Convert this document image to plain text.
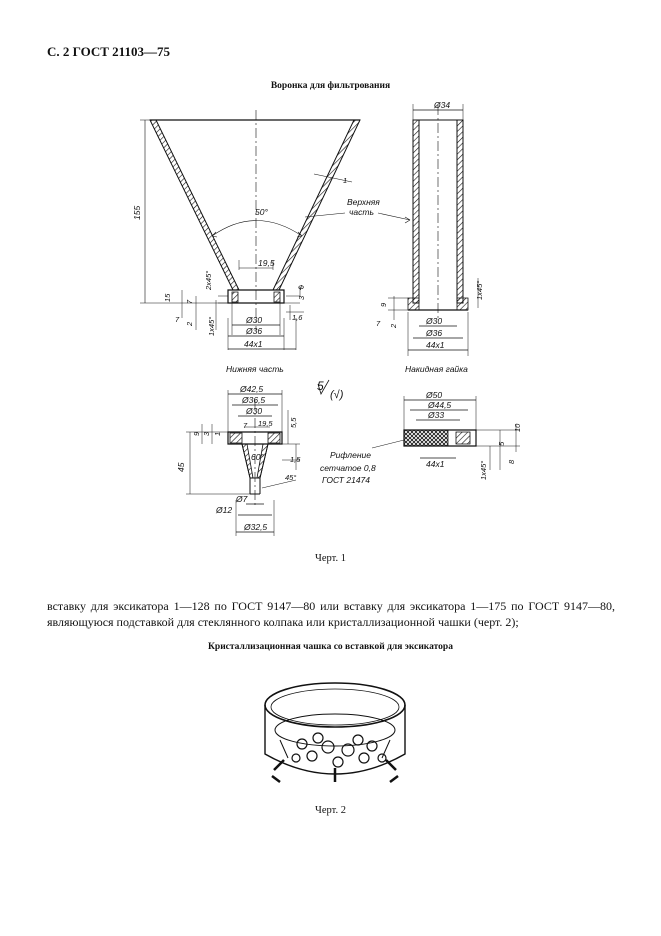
С. 2 ГОСТ 21103—75
Воронка для фильтрования
Ø34
50°
19,5
155
Верхняя
часть
1
2х45°
15 7
2 1х45°
7
3
Ф
1,6
Ø30
Ø36
44х1
Нижняя часть
9
7 2
1х45°
Ø30
Ø36
44х1
Накидная гайка
5
(√)
Ø42,5
Ø36,5
Ø30
19,5
7	5,5
9 3 1
45
60°	1,5
45°
Ø7
Ø12
Ø32,5
Ø50
Ø44,5
Ø33
44х1
10
5
8
1х45°
Рифление
сетчатое 0,8
ГОСТ 21474
Черт. 1
вставку для эксикатора 1—128 по ГОСТ 9147—80 или вставку для эксикатора 1—175 по ГОСТ 9147—80, являющуюся подставкой для стеклянного колпака или кристаллизационной чашки (черт. 2);
Кристаллизационная чашка со вставкой для эксикатора
Черт. 2
